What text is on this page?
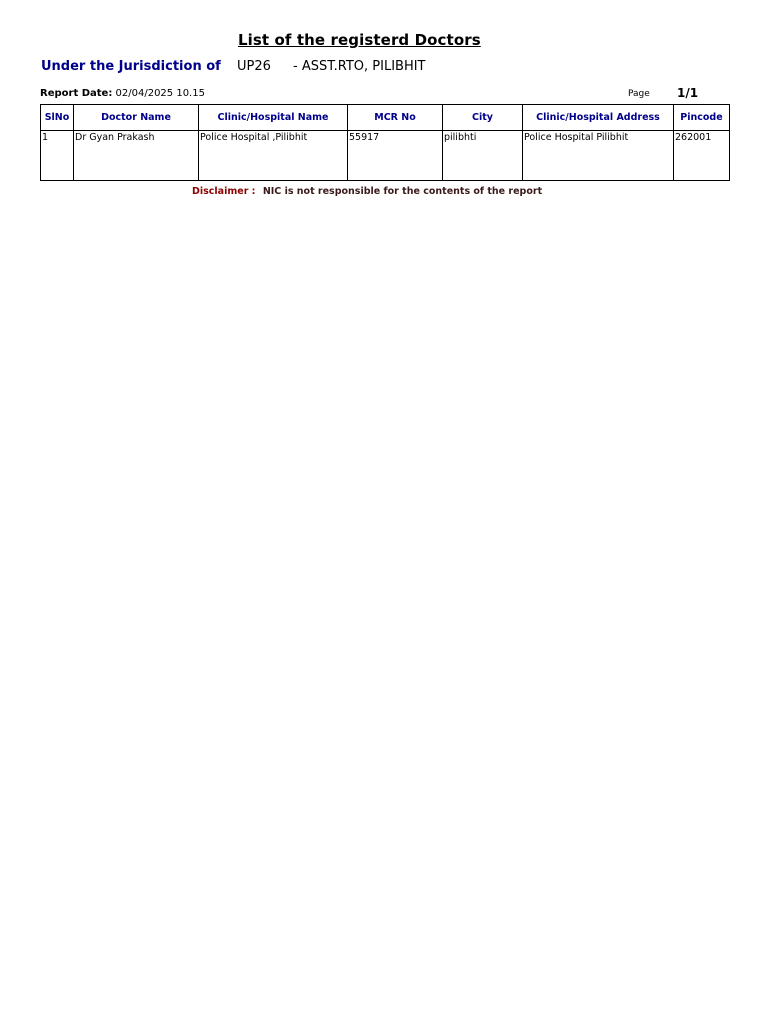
List of the registerd Doctors
Under the Jurisdiction of UP26 - ASST.RTO, PILIBHIT
Report Date: 02/04/2025 10.15	Page 1/1
SlNo	Doctor Name	Clinic/Hospital Name	MCR No	City	Clinic/Hospital Address	Pincode
1	Dr Gyan Prakash	Police Hospital ,Pilibhit	55917	pilibhti	Police Hospital Pilibhit	262001
Disclaimer : NIC is not responsible for the contents of the report
